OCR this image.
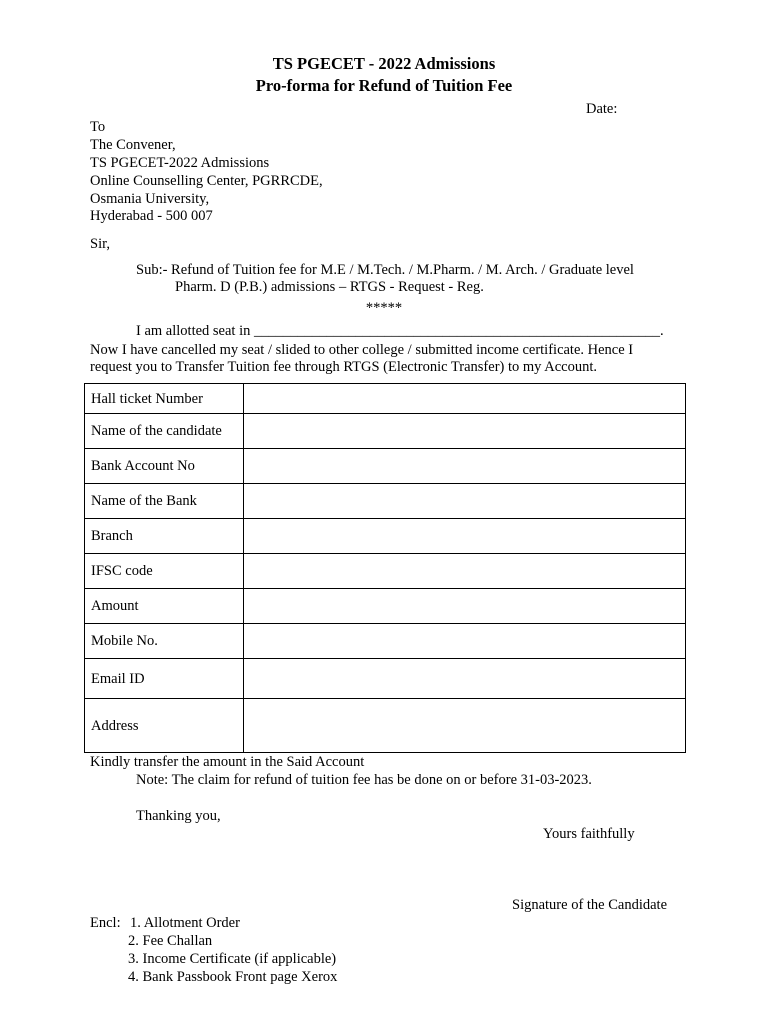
TS PGECET - 2022 Admissions
Pro-forma for Refund of Tuition Fee
Date:
To
The Convener,
TS PGECET-2022 Admissions
Online Counselling Center, PGRRCDE,
Osmania University,
Hyderabad - 500 007
Sir,
Sub:- Refund of Tuition fee for M.E / M.Tech. / M.Pharm. / M. Arch. / Graduate level
Pharm. D (P.B.) admissions – RTGS - Request - Reg.
*****
I am allotted seat in ________________________________________________________.
Now I have cancelled my seat / slided to other college / submitted income certificate. Hence I
request you to Transfer Tuition fee through RTGS (Electronic Transfer) to my Account.
Hall ticket Number	
Name of the candidate	
Bank Account No	
Name of the Bank	
Branch	
IFSC code	
Amount	
Mobile No.	
Email ID	
Address	
Kindly transfer the amount in the Said Account
Note: The claim for refund of tuition fee has be done on or before 31-03-2023.
Thanking you,
Yours faithfully
Signature of the Candidate
Encl: 1. Allotment Order
2. Fee Challan
3. Income Certificate (if applicable)
4. Bank Passbook Front page Xerox
